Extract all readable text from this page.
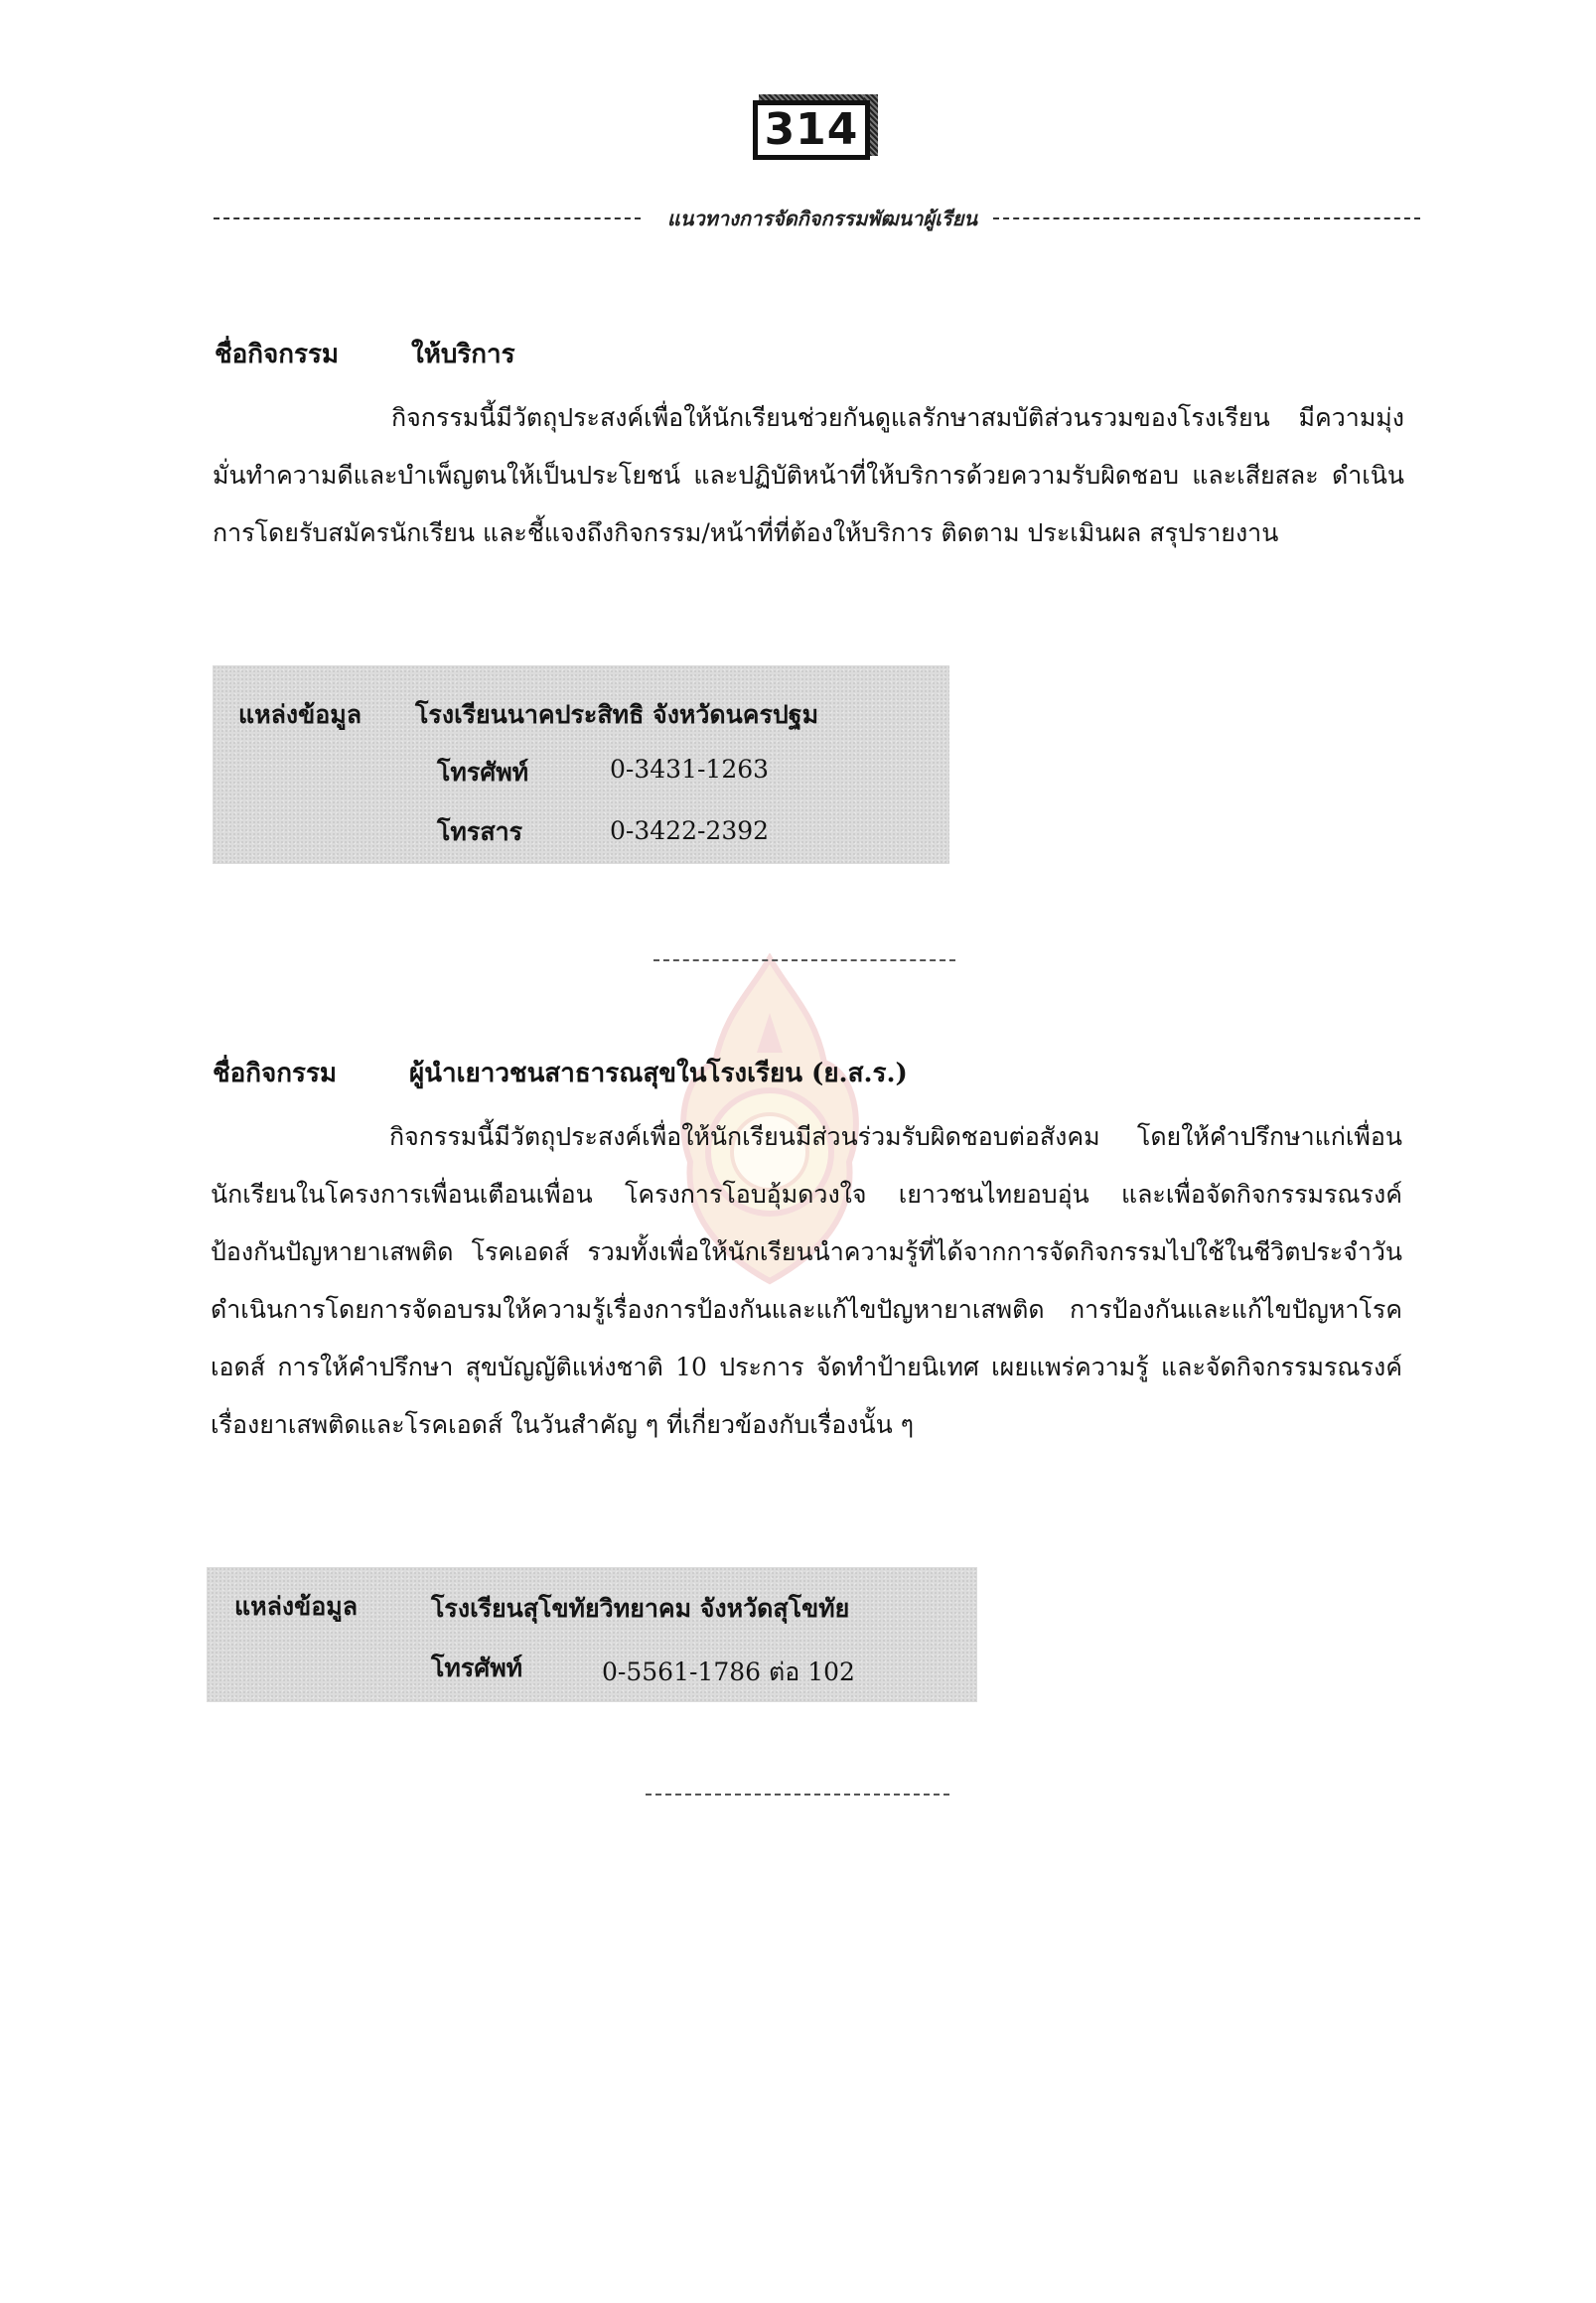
314
แนวทางการจัดกิจกรรมพัฒนาผู้เรียน
ชื่อกิจกรรม	ให้บริการ
กิจกรรมนี้มีวัตถุประสงค์เพื่อให้นักเรียนช่วยกันดูแลรักษาสมบัติส่วนรวมของโรงเรียน มีความมุ่งมั่นทำความดีและบำเพ็ญตนให้เป็นประโยชน์ และปฏิบัติหน้าที่ให้บริการด้วยความรับผิดชอบ และเสียสละ ดำเนินการโดยรับสมัครนักเรียน และชี้แจงถึงกิจกรรม/หน้าที่ที่ต้องให้บริการ ติดตาม ประเมินผล สรุปรายงาน
แหล่งข้อมูล โรงเรียนนาคประสิทธิ จังหวัดนครปฐม
โทรศัพท์	0-3431-1263
โทรสาร	0-3422-2392
ชื่อกิจกรรม	ผู้นำเยาวชนสาธารณสุขในโรงเรียน (ย.ส.ร.)
กิจกรรมนี้มีวัตถุประสงค์เพื่อให้นักเรียนมีส่วนร่วมรับผิดชอบต่อสังคม โดยให้คำปรึกษาแก่เพื่อนนักเรียนในโครงการเพื่อนเตือนเพื่อน โครงการโอบอุ้มดวงใจ เยาวชนไทยอบอุ่น และเพื่อจัดกิจกรรมรณรงค์ป้องกันปัญหายาเสพติด โรคเอดส์ รวมทั้งเพื่อให้นักเรียนนำความรู้ที่ได้จากการจัดกิจกรรมไปใช้ในชีวิตประจำวัน ดำเนินการโดยการจัดอบรมให้ความรู้เรื่องการป้องกันและแก้ไขปัญหายาเสพติด การป้องกันและแก้ไขปัญหาโรคเอดส์ การให้คำปรึกษา สุขบัญญัติแห่งชาติ 10 ประการ จัดทำป้ายนิเทศ เผยแพร่ความรู้ และจัดกิจกรรมรณรงค์เรื่องยาเสพติดและโรคเอดส์ ในวันสำคัญ ๆ ที่เกี่ยวข้องกับเรื่องนั้น ๆ
แหล่งข้อมูล	โรงเรียนสุโขทัยวิทยาคม จังหวัดสุโขทัย
โทรศัพท์	0-5561-1786 ต่อ 102
